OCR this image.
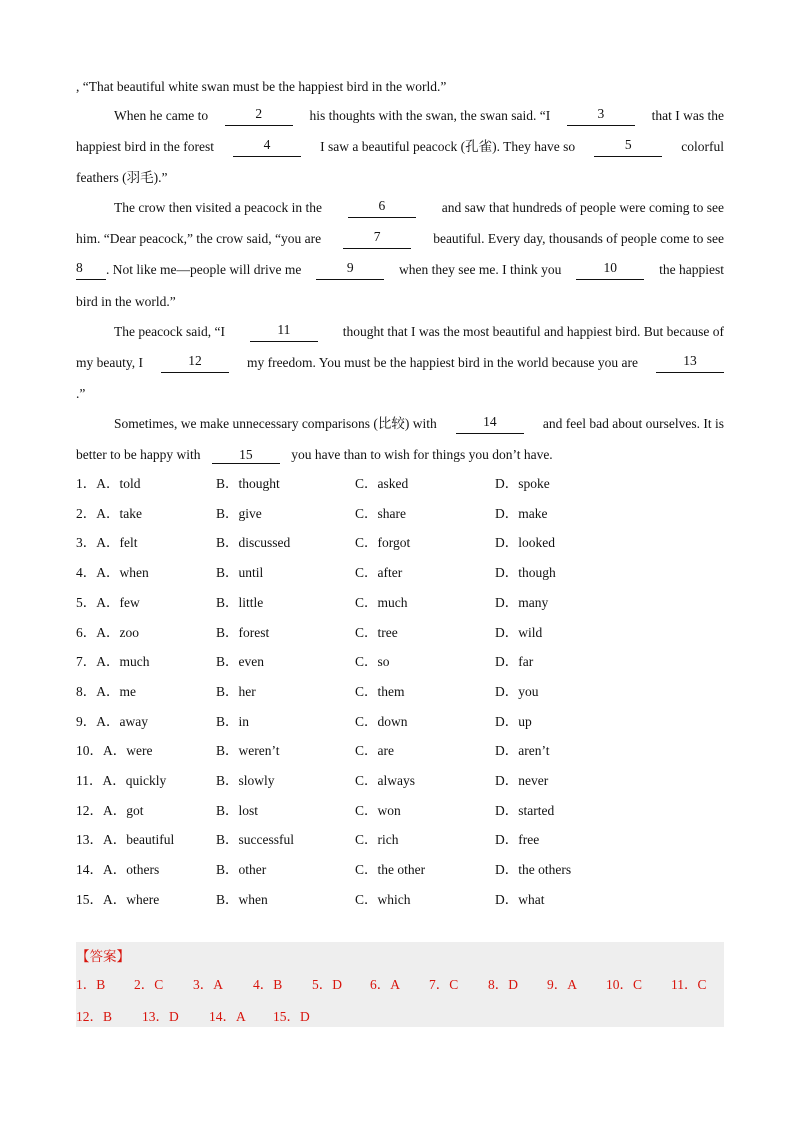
, “That beautiful white swan must be the happiest bird in the world.”
When he came to	2	his thoughts with the swan, the swan said. “I	3	that I was the
happiest bird in the forest	4	I saw a beautiful peacock (孔雀). They have so	5	colorful
feathers (羽毛).”
The crow then visited a peacock in the	6	and saw that hundreds of people were coming to see
him. “Dear peacock,” the crow said, “you are	7	beautiful. Every day, thousands of people come to see
8	. Not like me—people will drive me	9	when they see me. I think you	10	the happiest
bird in the world.”
The peacock said, “I	11	thought that I was the most beautiful and happiest bird. But because of
my beauty, I	12	my freedom. You must be the happiest bird in the world because you are	13
.”
Sometimes, we make unnecessary comparisons (比较) with	14	and feel bad about ourselves. It is
better to be happy with	15	you have than to wish for things you don’t have.
1．A．told	B．thought	C．asked	D．spoke
2．A．take	B．give	C．share	D．make
3．A．felt	B．discussed	C．forgot	D．looked
4．A．when	B．until	C．after	D．though
5．A．few	B．little	C．much	D．many
6．A．zoo	B．forest	C．tree	D．wild
7．A．much	B．even	C．so	D．far
8．A．me	B．her	C．them	D．you
9．A．away	B．in	C．down	D．up
10．A．were	B．weren’t	C．are	D．aren’t
11．A．quickly	B．slowly	C．always	D．never
12．A．got	B．lost	C．won	D．started
13．A．beautiful	B．successful	C．rich	D．free
14．A．others	B．other	C．the other	D．the others
15．A．where	B．when	C．which	D．what
【答案】
1．B 2．C 3．A 4．B 5．D 6．A 7．C 8．D 9．A 10．C 11．C
12．B 13．D 14．A 15．D
